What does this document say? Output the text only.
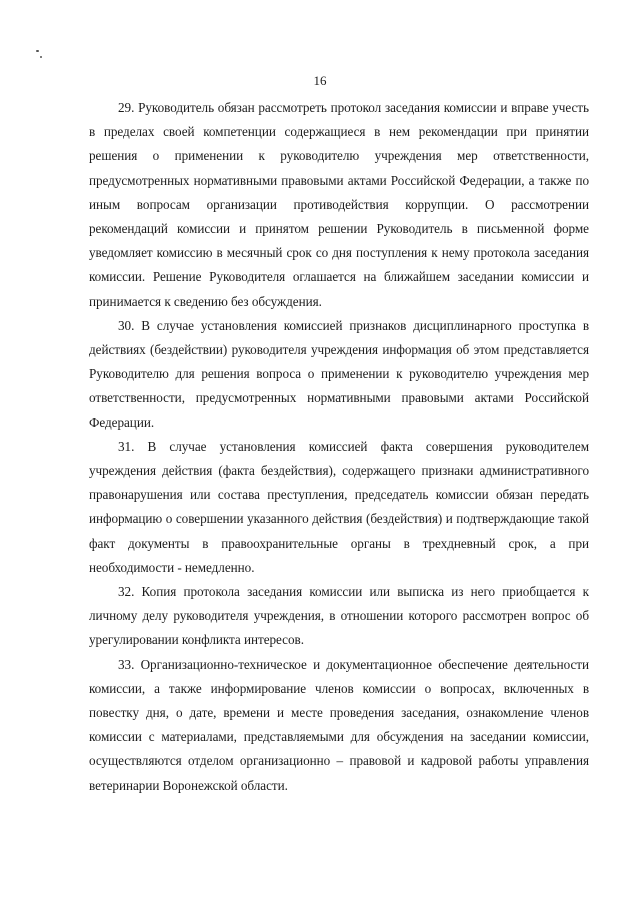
16

29. Руководитель обязан рассмотреть протокол заседания комиссии и вправе учесть в пределах своей компетенции содержащиеся в нем рекомендации при принятии решения о применении к руководителю учреждения мер ответственности, предусмотренных нормативными правовыми актами Российской Федерации, а также по иным вопросам организации противодействия коррупции. О рассмотрении рекомендаций комиссии и принятом решении Руководитель в письменной форме уведомляет комиссию в месячный срок со дня поступления к нему протокола заседания комиссии. Решение Руководителя оглашается на ближайшем заседании комиссии и принимается к сведению без обсуждения.

30. В случае установления комиссией признаков дисциплинарного проступка в действиях (бездействии) руководителя учреждения информация об этом представляется Руководителю для решения вопроса о применении к руководителю учреждения мер ответственности, предусмотренных нормативными правовыми актами Российской Федерации.

31. В случае установления комиссией факта совершения руководителем учреждения действия (факта бездействия), содержащего признаки административного правонарушения или состава преступления, председатель комиссии обязан передать информацию о совершении указанного действия (бездействия) и подтверждающие такой факт документы в правоохранительные органы в трехдневный срок, а при необходимости - немедленно.

32. Копия протокола заседания комиссии или выписка из него приобщается к личному делу руководителя учреждения, в отношении которого рассмотрен вопрос об урегулировании конфликта интересов.

33. Организационно-техническое и документационное обеспечение деятельности комиссии, а также информирование членов комиссии о вопросах, включенных в повестку дня, о дате, времени и месте проведения заседания, ознакомление членов комиссии с материалами, представляемыми для обсуждения на заседании комиссии, осуществляются отделом организационно – правовой и кадровой работы управления ветеринарии Воронежской области.
